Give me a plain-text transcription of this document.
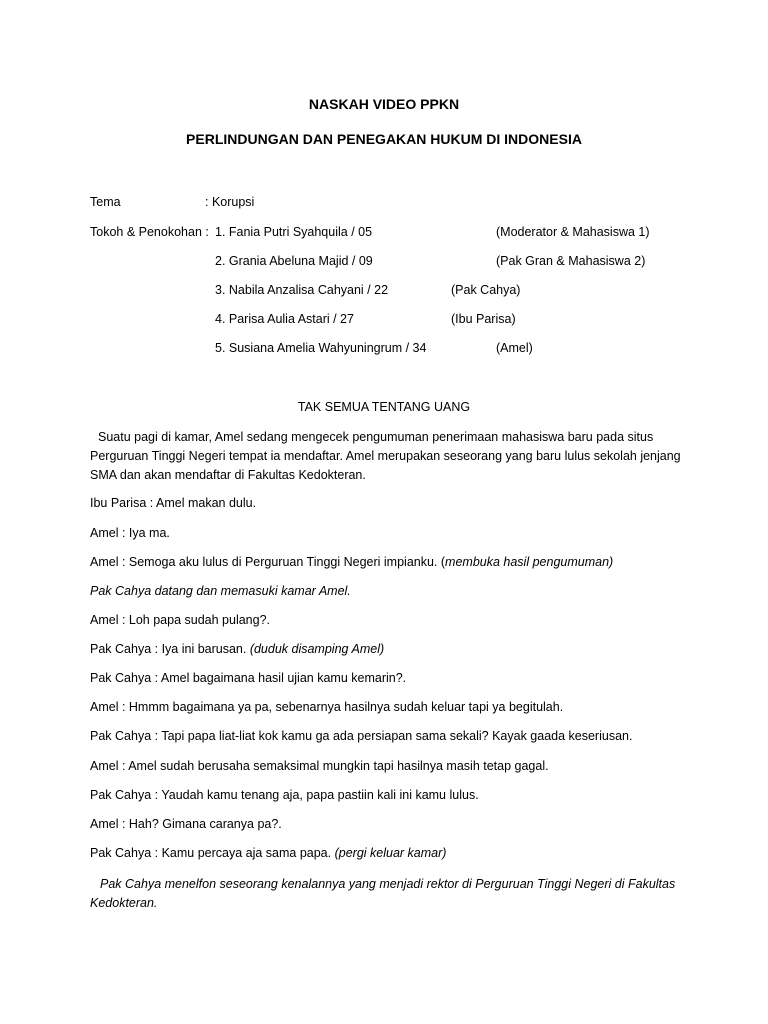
NASKAH VIDEO PPKN
PERLINDUNGAN DAN PENEGAKAN HUKUM DI INDONESIA
Tema	: Korupsi
Tokoh & Penokohan : 1. Fania Putri Syahquila / 05	(Moderator & Mahasiswa 1)
2. Grania Abeluna Majid / 09	(Pak Gran & Mahasiswa 2)
3. Nabila Anzalisa Cahyani / 22	(Pak Cahya)
4. Parisa Aulia Astari / 27	(Ibu Parisa)
5. Susiana Amelia Wahyuningrum / 34	(Amel)
TAK SEMUA TENTANG UANG
Suatu pagi di kamar, Amel sedang mengecek pengumuman penerimaan mahasiswa baru pada situs Perguruan Tinggi Negeri tempat ia mendaftar. Amel merupakan seseorang yang baru lulus sekolah jenjang SMA dan akan mendaftar di Fakultas Kedokteran.
Ibu Parisa : Amel makan dulu.
Amel : Iya ma.
Amel : Semoga aku lulus di Perguruan Tinggi Negeri impianku. (membuka hasil pengumuman)
Pak Cahya datang dan memasuki kamar Amel.
Amel : Loh papa sudah pulang?.
Pak Cahya : Iya ini barusan. (duduk disamping Amel)
Pak Cahya : Amel bagaimana hasil ujian kamu kemarin?.
Amel : Hmmm bagaimana ya pa, sebenarnya hasilnya sudah keluar tapi ya begitulah.
Pak Cahya : Tapi papa liat-liat kok kamu ga ada persiapan sama sekali? Kayak gaada keseriusan.
Amel : Amel sudah berusaha semaksimal mungkin tapi hasilnya masih tetap gagal.
Pak Cahya : Yaudah kamu tenang aja, papa pastiin kali ini kamu lulus.
Amel : Hah? Gimana caranya pa?.
Pak Cahya : Kamu percaya aja sama papa. (pergi keluar kamar)
Pak Cahya menelfon seseorang kenalannya yang menjadi rektor di Perguruan Tinggi Negeri di Fakultas Kedokteran.
